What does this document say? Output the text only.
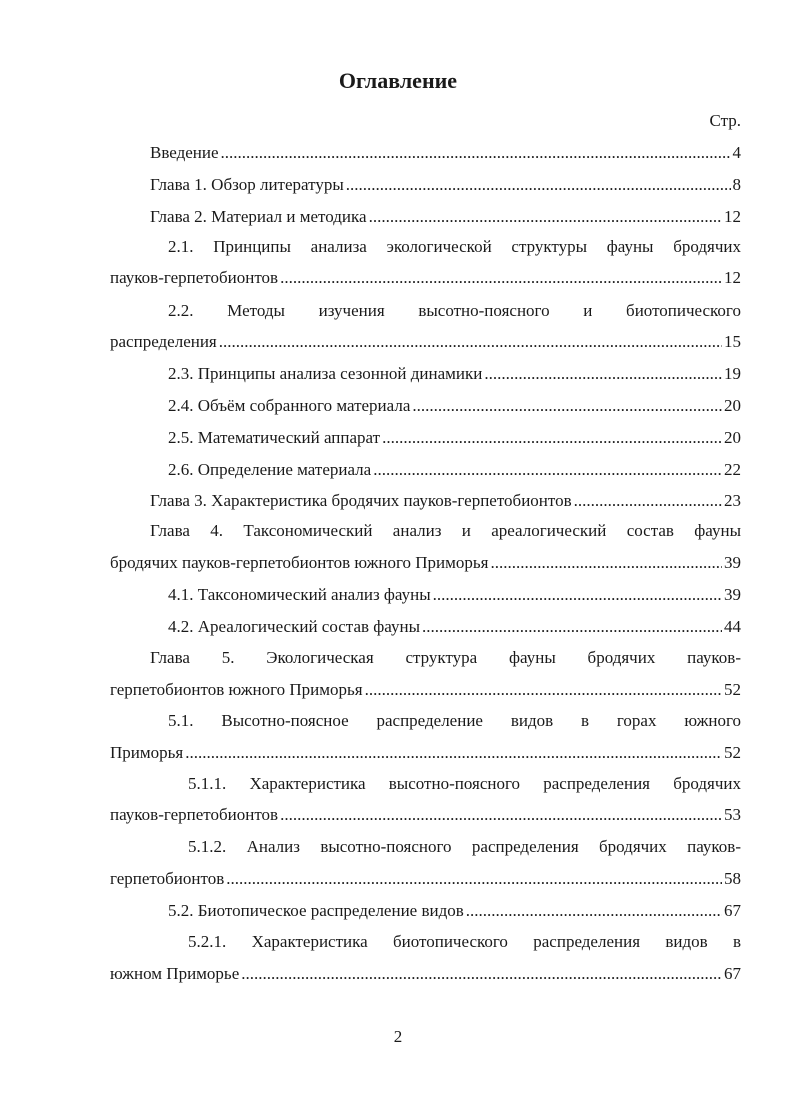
Оглавление
Стр.
Введение .....	4
Глава 1. Обзор литературы .....	8
Глава 2. Материал и методика .....	12
2.1. Принципы анализа экологической структуры фауны бродячих
пауков-герпетобионтов .....	12
2.2. Методы изучения высотно-поясного и биотопического
распределения .....	15
2.3. Принципы анализа сезонной динамики .....	19
2.4. Объём собранного материала .....	20
2.5. Математический аппарат .....	20
2.6. Определение материала .....	22
Глава 3. Характеристика бродячих пауков-герпетобионтов .....	23
Глава 4. Таксономический анализ и ареалогический состав фауны
бродячих пауков-герпетобионтов южного Приморья .....	39
4.1. Таксономический анализ фауны .....	39
4.2. Ареалогический состав фауны .....	44
Глава 5. Экологическая структура фауны бродячих пауков-
герпетобионтов южного Приморья .....	52
5.1. Высотно-поясное распределение видов в горах южного
Приморья .....	52
5.1.1. Характеристика высотно-поясного распределения бродячих
пауков-герпетобионтов .....	53
5.1.2. Анализ высотно-поясного распределения бродячих пауков-
герпетобионтов .....	58
5.2. Биотопическое распределение видов .....	67
5.2.1. Характеристика биотопического распределения видов в
южном Приморье .....	67
2
